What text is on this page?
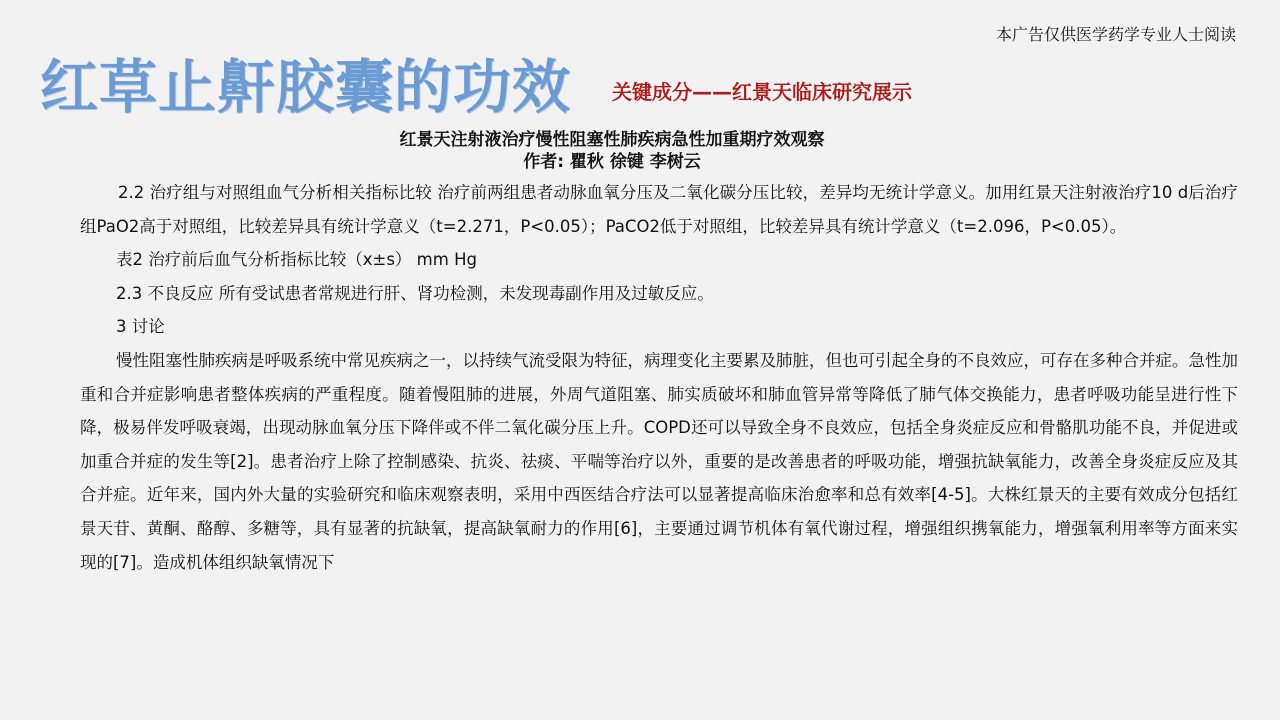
本广告仅供医学药学专业人士阅读
红草止鼾胶囊的功效 关键成分——红景天临床研究展示
红景天注射液治疗慢性阻塞性肺疾病急性加重期疗效观察
作者: 瞿秋 徐键 李树云

2.2 治疗组与对照组血气分析相关指标比较 治疗前两组患者动脉血氧分压及二氧化碳分压比较，差异均无统计学意义。加用红景天注射液治疗10 d后治疗组PaO2高于对照组，比较差异具有统计学意义（t=2.271，P<0.05）；PaCO2低于对照组，比较差异具有统计学意义（t=2.096，P<0.05）。

表2 治疗前后血气分析指标比较（x±s） mm Hg

2.3 不良反应 所有受试患者常规进行肝、肾功检测，未发现毒副作用及过敏反应。

3 讨论

慢性阻塞性肺疾病是呼吸系统中常见疾病之一，以持续气流受限为特征，病理变化主要累及肺脏，但也可引起全身的不良效应，可存在多种合并症。急性加重和合并症影响患者整体疾病的严重程度。随着慢阻肺的进展，外周气道阻塞、肺实质破坏和肺血管异常等降低了肺气体交换能力，患者呼吸功能呈进行性下降，极易伴发呼吸衰竭，出现动脉血氧分压下降伴或不伴二氧化碳分压上升。COPD还可以导致全身不良效应，包括全身炎症反应和骨骼肌功能不良，并促进或加重合并症的发生等[2]。患者治疗上除了控制感染、抗炎、祛痰、平喘等治疗以外，重要的是改善患者的呼吸功能，增强抗缺氧能力，改善全身炎症反应及其合并症。近年来，国内外大量的实验研究和临床观察表明，采用中西医结合疗法可以显著提高临床治愈率和总有效率[4-5]。大株红景天的主要有效成分包括红景天苷、黄酮、酪醇、多糖等，具有显著的抗缺氧，提高缺氧耐力的作用[6]，主要通过调节机体有氧代谢过程，增强组织携氧能力，增强氧利用率等方面来实现的[7]。造成机体组织缺氧情况下
